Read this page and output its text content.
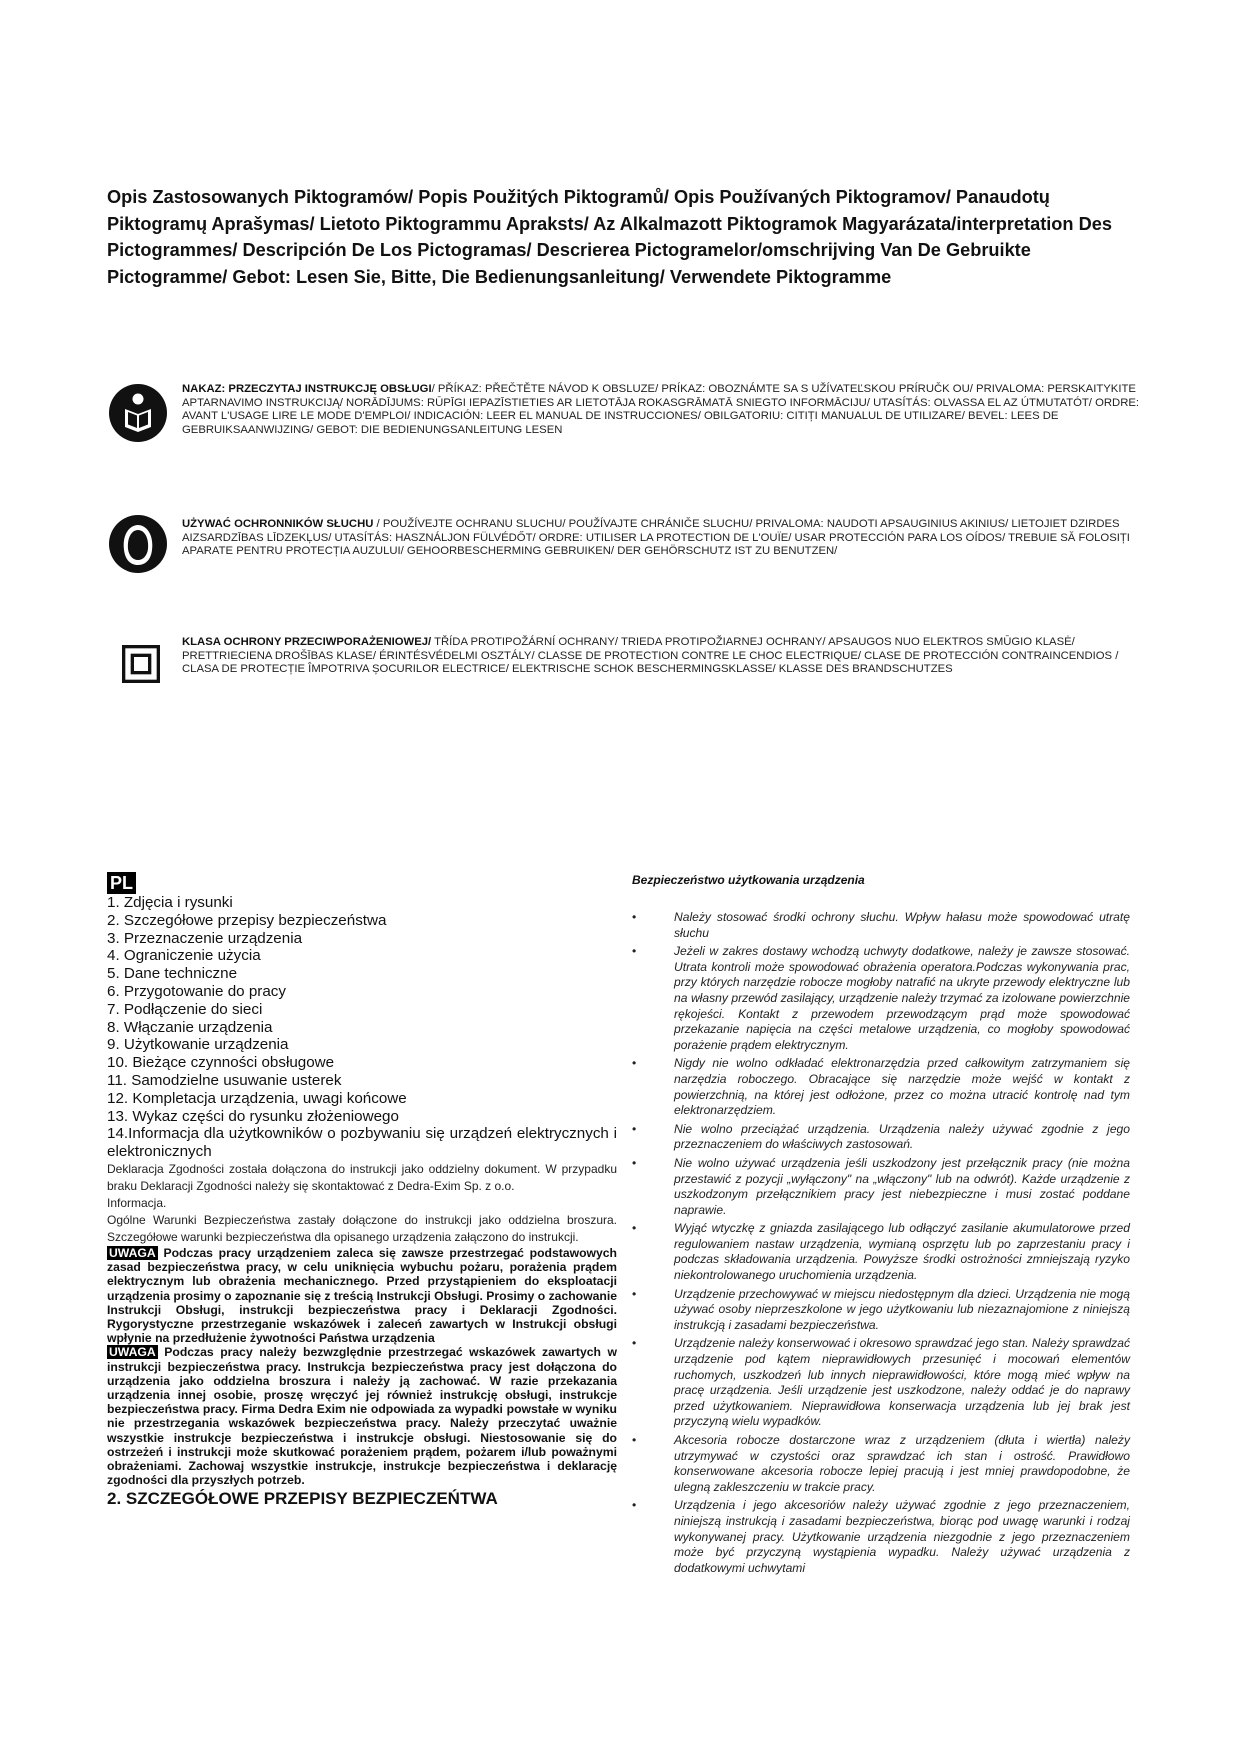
Opis Zastosowanych Piktogramów/ Popis Použitých Piktogramů/ Opis Používaných Piktogramov/ Panaudotų Piktogramų Aprašymas/ Lietoto Piktogrammu Apraksts/ Az Alkalmazott Piktogramok Magyarázata/interpretation Des Pictogrammes/ Descripción De Los Pictogramas/ Descrierea Pictogramelor/omschrijving Van De Gebruikte Pictogramme/ Gebot: Lesen Sie, Bitte, Die Bedienungsanleitung/ Verwendete Piktogramme
NAKAZ: PRZECZYTAJ INSTRUKCJĘ OBSŁUGI/ PŘÍKAZ: PŘEČTĚTE NÁVOD K OBSLUZE/ PRÍKAZ: OBOZNÁMTE SA S UŽÍVATEĽSKOU PRÍRUČK OU/ PRIVALOMA: PERSKAITYKITE APTARNAVIMO INSTRUKCIJĄ/ NORĀDĪJUMS: RŪPĪGI IEPAZĪSTIETIES AR LIETOTĀJA ROKASGRĀMATĀ SNIEGTO INFORMĀCIJU/ UTASÍTÁS: OLVASSA EL AZ ÚTMUTATÓT/ ORDRE: AVANT L'USAGE LIRE LE MODE D'EMPLOI/ INDICACIÓN: LEER EL MANUAL DE INSTRUCCIONES/ OBILGATORIU: CITIȚI MANUALUL DE UTILIZARE/ BEVEL: LEES DE GEBRUIKSAANWIJZING/ GEBOT: DIE BEDIENUNGSANLEITUNG LESEN
UŻYWAĆ OCHRONNIKÓW SŁUCHU / POUŽÍVEJTE OCHRANU SLUCHU/ POUŽÍVAJTE CHRÁNIČE SLUCHU/ PRIVALOMA: NAUDOTI APSAUGINIUS AKINIUS/ LIETOJIET DZIRDES AIZSARDZĪBAS LĪDZEKĻUS/ UTASÍTÁS: HASZNÁLJON FÜLVÉDŐT/ ORDRE: UTILISER LA PROTECTION DE L'OUÏE/ USAR PROTECCIÓN PARA LOS OÍDOS/ TREBUIE SĂ FOLOSIȚI APARATE PENTRU PROTECȚIA AUZULUI/ GEHOORBESCHERMING GEBRUIKEN/ DER GEHÖRSCHUTZ IST ZU BENUTZEN/
KLASA OCHRONY PRZECIWPORAŻENIOWEJ/ TŘÍDA PROTIPOŽÁRNÍ OCHRANY/ TRIEDA PROTIPOŽIARNEJ OCHRANY/ APSAUGOS NUO ELEKTROS SMŪGIO KLASĖ/ PRETTRIECIENA DROŠĪBAS KLASE/ ÉRINTÉSVÉDELMI OSZTÁLY/ CLASSE DE PROTECTION CONTRE LE CHOC ELECTRIQUE/ CLASE DE PROTECCIÓN CONTRAINCENDIOS / CLASA DE PROTECȚIE ÎMPOTRIVA ȘOCURILOR ELECTRICE/ ELEKTRISCHE SCHOK BESCHERMINGSKLASSE/ KLASSE DES BRANDSCHUTZES
PL
1. Zdjęcia i rysunki
2. Szczegółowe przepisy bezpieczeństwa
3. Przeznaczenie urządzenia
4. Ograniczenie użycia
5. Dane techniczne
6. Przygotowanie do pracy
7. Podłączenie do sieci
8. Włączanie urządzenia
9. Użytkowanie urządzenia
10. Bieżące czynności obsługowe
11. Samodzielne usuwanie usterek
12. Kompletacja urządzenia, uwagi końcowe
13. Wykaz części do rysunku złożeniowego
14.Informacja dla użytkowników o pozbywaniu się urządzeń elektrycznych i elektronicznych
Deklaracja Zgodności została dołączona do instrukcji jako oddzielny dokument. W przypadku braku Deklaracji Zgodności należy się skontaktować z Dedra-Exim Sp. z o.o.
Informacja.
Ogólne Warunki Bezpieczeństwa zastały dołączone do instrukcji jako oddzielna broszura. Szczegółowe warunki bezpieczeństwa dla opisanego urządzenia załączono do instrukcji.
UWAGA Podczas pracy urządzeniem zaleca się zawsze przestrzegać podstawowych zasad bezpieczeństwa pracy, w celu uniknięcia wybuchu pożaru, porażenia prądem elektrycznym lub obrażenia mechanicznego. Przed przystąpieniem do eksploatacji urządzenia prosimy o zapoznanie się z treścią Instrukcji Obsługi. Prosimy o zachowanie Instrukcji Obsługi, instrukcji bezpieczeństwa pracy i Deklaracji Zgodności. Rygorystyczne przestrzeganie wskazówek i zaleceń zawartych w Instrukcji obsługi wpłynie na przedłużenie żywotności Państwa urządzenia
UWAGA Podczas pracy należy bezwzględnie przestrzegać wskazówek zawartych w instrukcji bezpieczeństwa pracy. Instrukcja bezpieczeństwa pracy jest dołączona do urządzenia jako oddzielna broszura i należy ją zachować. W razie przekazania urządzenia innej osobie, proszę wręczyć jej również instrukcję obsługi, instrukcje bezpieczeństwa pracy. Firma Dedra Exim nie odpowiada za wypadki powstałe w wyniku nie przestrzegania wskazówek bezpieczeństwa pracy. Należy przeczytać uważnie wszystkie instrukcje bezpieczeństwa i instrukcje obsługi. Niestosowanie się do ostrzeżeń i instrukcji może skutkować porażeniem prądem, pożarem i/lub poważnymi obrażeniami. Zachowaj wszystkie instrukcje, instrukcje bezpieczeństwa i deklarację zgodności dla przyszłych potrzeb.
2. SZCZEGÓŁOWE PRZEPISY BEZPIECZEŃTWA
Bezpieczeństwo użytkowania urządzenia
•	Należy stosować środki ochrony słuchu. Wpływ hałasu może spowodować utratę słuchu
•	Jeżeli w zakres dostawy wchodzą uchwyty dodatkowe, należy je zawsze stosować. Utrata kontroli może spowodować obrażenia operatora.Podczas wykonywania prac, przy których narzędzie robocze mogłoby natrafić na ukryte przewody elektryczne lub na własny przewód zasilający, urządzenie należy trzymać za izolowane powierzchnie rękojeści. Kontakt z przewodem przewodzącym prąd może spowodować przekazanie napięcia na części metalowe urządzenia, co mogłoby spowodować porażenie prądem elektrycznym.
•	Nigdy nie wolno odkładać elektronarzędzia przed całkowitym zatrzymaniem się narzędzia roboczego. Obracające się narzędzie może wejść w kontakt z powierzchnią, na której jest odłożone, przez co można utracić kontrolę nad tym elektronarzędziem.
•	Nie wolno przeciążać urządzenia. Urządzenia należy używać zgodnie z jego przeznaczeniem do właściwych zastosowań.
•	Nie wolno używać urządzenia jeśli uszkodzony jest przełącznik pracy (nie można przestawić z pozycji „wyłączony" na „włączony" lub na odwrót). Każde urządzenie z uszkodzonym przełącznikiem pracy jest niebezpieczne i musi zostać poddane naprawie.
•	Wyjąć wtyczkę z gniazda zasilającego lub odłączyć zasilanie akumulatorowe przed regulowaniem nastaw urządzenia, wymianą osprzętu lub po zaprzestaniu pracy i podczas składowania urządzenia. Powyższe środki ostrożności zmniejszają ryzyko niekontrolowanego uruchomienia urządzenia.
•	Urządzenie przechowywać w miejscu niedostępnym dla dzieci. Urządzenia nie mogą używać osoby nieprzeszkolone w jego użytkowaniu lub niezaznajomione z niniejszą instrukcją i zasadami bezpieczeństwa.
•	Urządzenie należy konserwować i okresowo sprawdzać jego stan. Należy sprawdzać urządzenie pod kątem nieprawidłowych przesunięć i mocowań elementów ruchomych, uszkodzeń lub innych nieprawidłowości, które mogą mieć wpływ na pracę urządzenia. Jeśli urządzenie jest uszkodzone, należy oddać je do naprawy przed użytkowaniem. Nieprawidłowa konserwacja urządzenia lub jej brak jest przyczyną wielu wypadków.
•	Akcesoria robocze dostarczone wraz z urządzeniem (dłuta i wiertła) należy utrzymywać w czystości oraz sprawdzać ich stan i ostrość. Prawidłowo konserwowane akcesoria robocze lepiej pracują i jest mniej prawdopodobne, że ulegną zakleszczeniu w trakcie pracy.
•	Urządzenia i jego akcesoriów należy używać zgodnie z jego przeznaczeniem, niniejszą instrukcją i zasadami bezpieczeństwa, biorąc pod uwagę warunki i rodzaj wykonywanej pracy. Użytkowanie urządzenia niezgodnie z jego przeznaczeniem może być przyczyną wystąpienia wypadku. Należy używać urządzenia z dodatkowymi uchwytami
